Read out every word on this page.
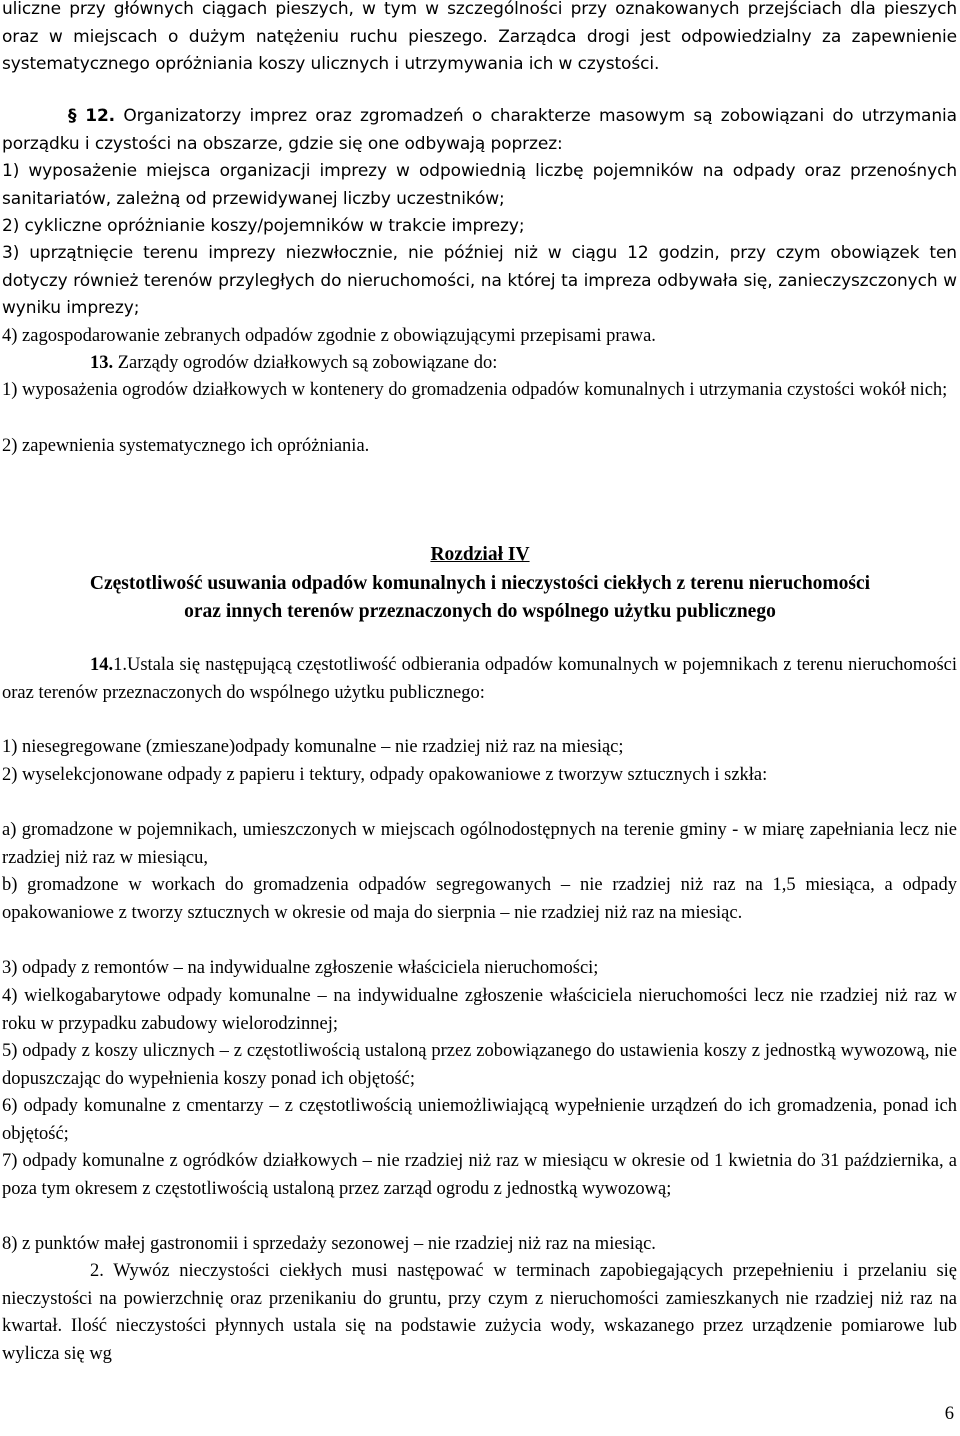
uliczne przy głównych ciągach pieszych, w tym w szczególności przy oznakowanych przejściach dla pieszych oraz w miejscach o dużym natężeniu ruchu pieszego. Zarządca drogi jest odpowiedzialny za zapewnienie systematycznego opróżniania koszy ulicznych i utrzymywania ich w czystości.

§ 12. Organizatorzy imprez oraz zgromadzeń o charakterze masowym są zobowiązani do utrzymania porządku i czystości na obszarze, gdzie się one odbywają poprzez:

1) wyposażenie miejsca organizacji imprezy w odpowiednią liczbę pojemników na odpady oraz przenośnych sanitariatów, zależną od przewidywanej liczby uczestników;

2) cykliczne opróżnianie koszy/pojemników w trakcie imprezy;

3) uprzątnięcie terenu imprezy niezwłocznie, nie później niż w ciągu 12 godzin, przy czym obowiązek ten dotyczy również terenów przyległych do nieruchomości, na której ta impreza odbywała się, zanieczyszczonych w wyniku imprezy;

4) zagospodarowanie zebranych odpadów zgodnie z obowiązującymi przepisami prawa.

13. Zarządy ogrodów działkowych są zobowiązane do:

1) wyposażenia ogrodów działkowych w kontenery do gromadzenia odpadów komunalnych i utrzymania czystości wokół nich;

2) zapewnienia systematycznego ich opróżniania.

Rozdział IV

Częstotliwość usuwania odpadów komunalnych i nieczystości ciekłych z terenu nieruchomości

oraz innych terenów przeznaczonych do wspólnego użytku publicznego

14.1.Ustala się następującą częstotliwość odbierania odpadów komunalnych w pojemnikach z terenu nieruchomości oraz terenów przeznaczonych do wspólnego użytku publicznego:

1) niesegregowane (zmieszane)odpady komunalne – nie rzadziej niż raz na miesiąc;

2) wyselekcjonowane odpady z papieru i tektury, odpady opakowaniowe z tworzyw sztucznych i szkła:

a) gromadzone w pojemnikach, umieszczonych w miejscach ogólnodostępnych na terenie gminy - w miarę zapełniania lecz nie rzadziej niż raz w miesiącu,

b) gromadzone w workach do gromadzenia odpadów segregowanych – nie rzadziej niż raz na 1,5 miesiąca, a odpady opakowaniowe z tworzy sztucznych w okresie od maja do sierpnia – nie rzadziej niż raz na miesiąc.

3) odpady z remontów – na indywidualne zgłoszenie właściciela nieruchomości;

4) wielkogabarytowe odpady komunalne – na indywidualne zgłoszenie właściciela nieruchomości lecz nie rzadziej niż raz w roku w przypadku zabudowy wielorodzinnej;

5) odpady z koszy ulicznych – z częstotliwością ustaloną przez zobowiązanego do ustawienia koszy z jednostką wywozową, nie dopuszczając do wypełnienia koszy ponad ich objętość;

6) odpady komunalne z cmentarzy – z częstotliwością uniemożliwiającą wypełnienie urządzeń do ich gromadzenia, ponad ich objętość;

7) odpady komunalne z ogródków działkowych – nie rzadziej niż raz w miesiącu w okresie od 1 kwietnia do 31 października, a poza tym okresem z częstotliwością ustaloną przez zarząd ogrodu z jednostką wywozową;

8) z punktów małej gastronomii i sprzedaży sezonowej – nie rzadziej niż raz na miesiąc.

2. Wywóz nieczystości ciekłych musi następować w terminach zapobiegających przepełnieniu i przelaniu się nieczystości na powierzchnię oraz przenikaniu do gruntu, przy czym z nieruchomości zamieszkanych nie rzadziej niż raz na kwartał. Ilość nieczystości płynnych ustala się na podstawie zużycia wody, wskazanego przez urządzenie pomiarowe lub wylicza się wg

6
